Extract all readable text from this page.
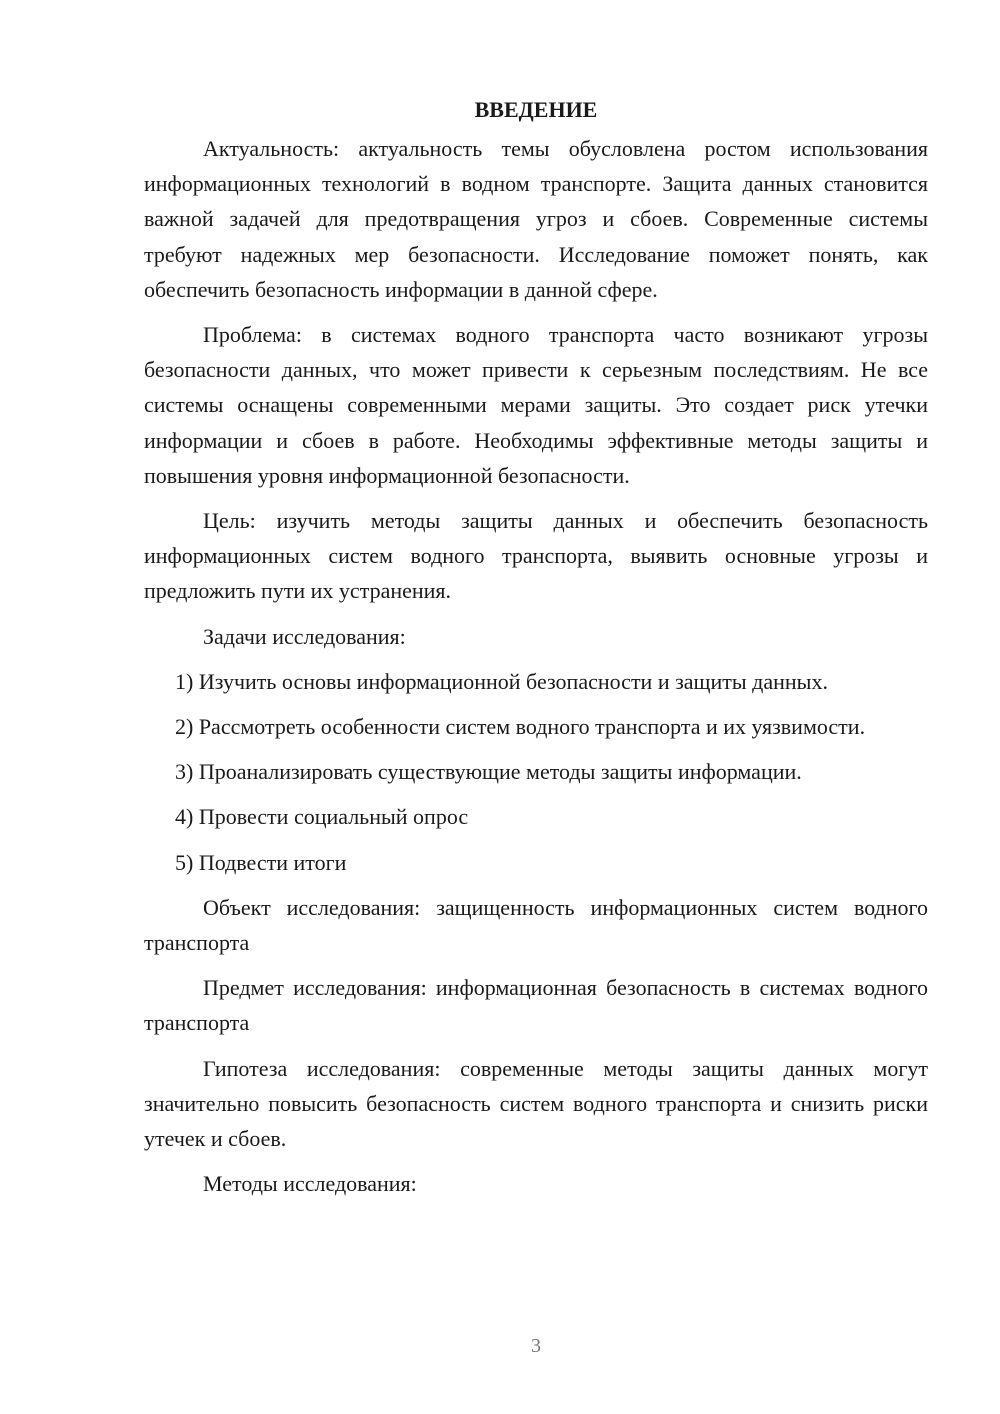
ВВЕДЕНИЕ

Актуальность: актуальность темы обусловлена ростом использования информационных технологий в водном транспорте. Защита данных становится важной задачей для предотвращения угроз и сбоев. Современные системы требуют надежных мер безопасности. Исследование поможет понять, как обеспечить безопасность информации в данной сфере.

Проблема: в системах водного транспорта часто возникают угрозы безопасности данных, что может привести к серьезным последствиям. Не все системы оснащены современными мерами защиты. Это создает риск утечки информации и сбоев в работе. Необходимы эффективные методы защиты и повышения уровня информационной безопасности.

Цель: изучить методы защиты данных и обеспечить безопасность информационных систем водного транспорта, выявить основные угрозы и предложить пути их устранения.

Задачи исследования:

1) Изучить основы информационной безопасности и защиты данных.

2) Рассмотреть особенности систем водного транспорта и их уязвимости.

3) Проанализировать существующие методы защиты информации.

4) Провести социальный опрос

5) Подвести итоги

Объект исследования: защищенность информационных систем водного транспорта

Предмет исследования: информационная безопасность в системах водного транспорта

Гипотеза исследования: современные методы защиты данных могут значительно повысить безопасность систем водного транспорта и снизить риски утечек и сбоев.

Методы исследования:

3
